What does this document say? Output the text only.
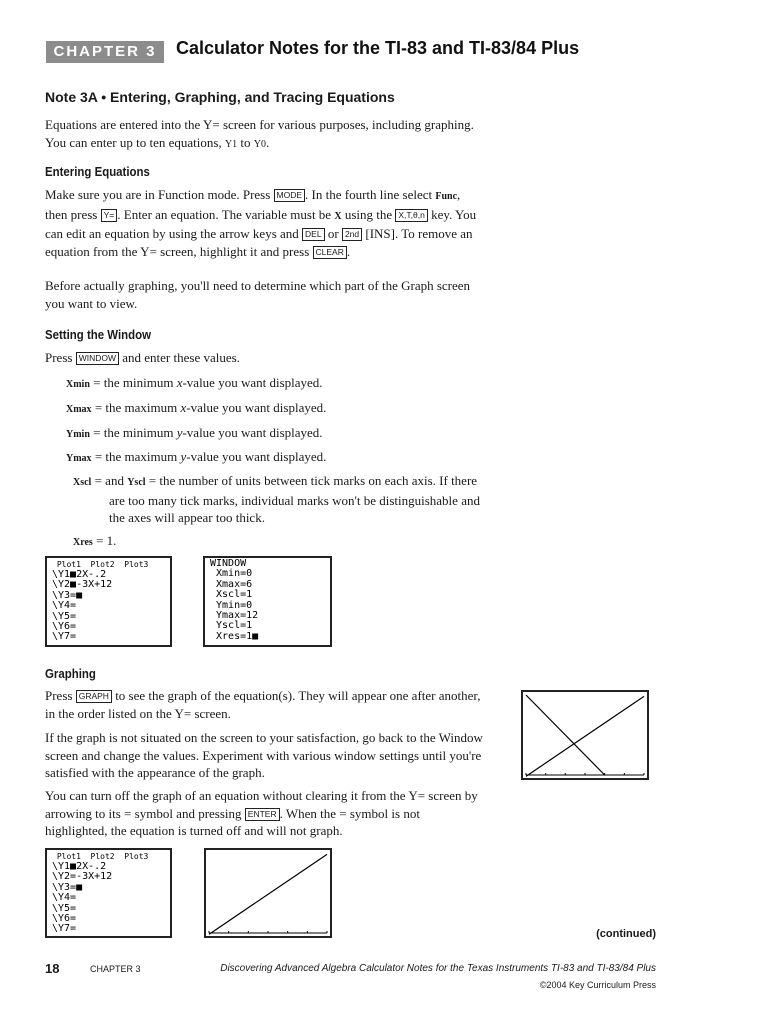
CHAPTER 3	Calculator Notes for the TI-83 and TI-83/84 Plus
Note 3A • Entering, Graphing, and Tracing Equations
Equations are entered into the Y= screen for various purposes, including graphing. You can enter up to ten equations, Y1 to Y0.
Entering Equations
Make sure you are in Function mode. Press MODE . In the fourth line select Func, then press Y= . Enter an equation. The variable must be X using the X,T,θ,n key. You can edit an equation by using the arrow keys and DEL or 2nd [INS]. To remove an equation from the Y= screen, highlight it and press CLEAR .
Before actually graphing, you'll need to determine which part of the Graph screen you want to view.
Setting the Window
Press WINDOW and enter these values.
Xmin = the minimum x-value you want displayed.
Xmax = the maximum x-value you want displayed.
Ymin = the minimum y-value you want displayed.
Ymax = the maximum y-value you want displayed.
Xscl = and Yscl = the number of units between tick marks on each axis. If there are too many tick marks, individual marks won't be distinguishable and the axes will appear too thick.
Xres = 1.
Plot1  Plot2  Plot3
\Y1■2X-.2
\Y2■-3X+12
\Y3=■
\Y4=
\Y5=
\Y6=
\Y7=
WINDOW
Xmin=0
Xmax=6
Xscl=1
Ymin=0
Ymax=12
Yscl=1
Xres=1■
Graphing
Press GRAPH to see the graph of the equation(s). They will appear one after another, in the order listed on the Y= screen.
If the graph is not situated on the screen to your satisfaction, go back to the Window screen and change the values. Experiment with various window settings until you're satisfied with the appearance of the graph.
You can turn off the graph of an equation without clearing it from the Y= screen by arrowing to its = symbol and pressing ENTER . When the = symbol is not highlighted, the equation is turned off and will not graph.
Plot1  Plot2  Plot3
\Y1■2X-.2
\Y2=-3X+12
\Y3=■
\Y4=
\Y5=
\Y6=
\Y7=	(continued)
18	CHAPTER 3	Discovering Advanced Algebra Calculator Notes for the Texas Instruments TI-83 and TI-83/84 Plus
©2004 Key Curriculum Press
